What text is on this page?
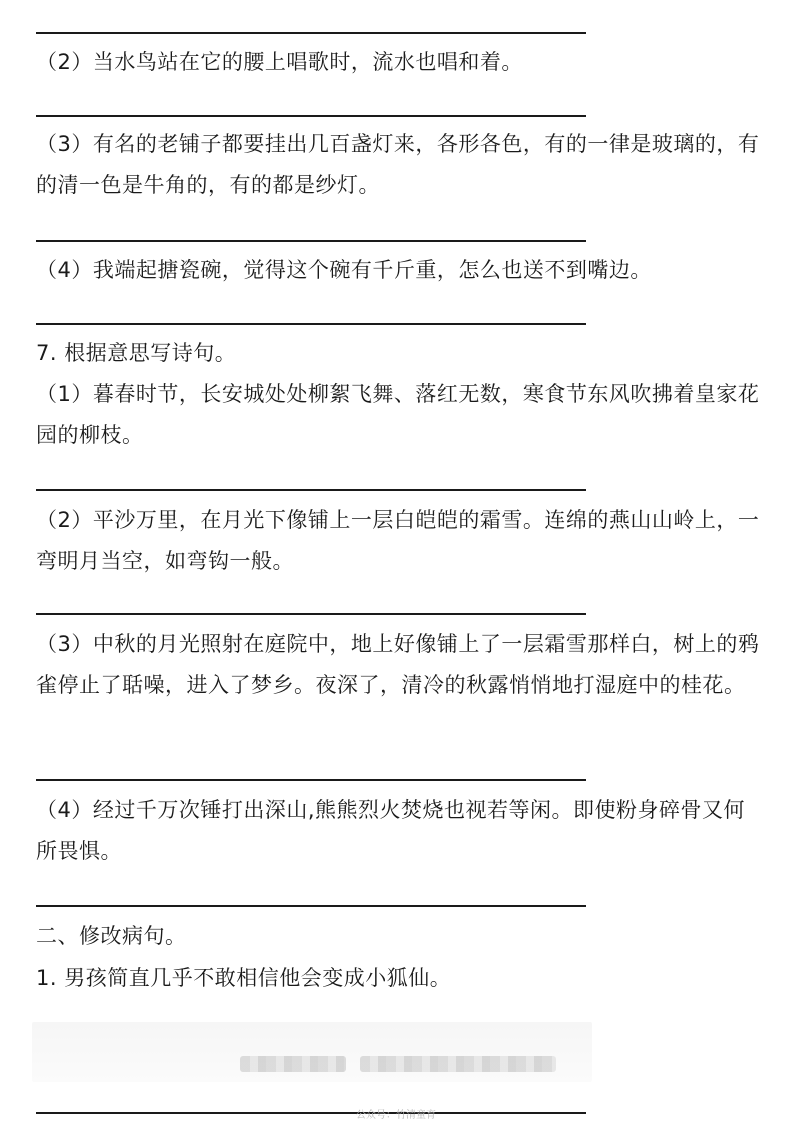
（2）当水鸟站在它的腰上唱歌时，流水也唱和着。
（3）有名的老铺子都要挂出几百盏灯来，各形各色，有的一律是玻璃的，有的清一色是牛角的，有的都是纱灯。
（4）我端起搪瓷碗，觉得这个碗有千斤重，怎么也送不到嘴边。
7. 根据意思写诗句。
（1）暮春时节，长安城处处柳絮飞舞、落红无数，寒食节东风吹拂着皇家花园的柳枝。
（2）平沙万里，在月光下像铺上一层白皑皑的霜雪。连绵的燕山山岭上，一弯明月当空，如弯钩一般。
（3）中秋的月光照射在庭院中，地上好像铺上了一层霜雪那样白，树上的鸦雀停止了聒噪，进入了梦乡。夜深了，清冷的秋露悄悄地打湿庭中的桂花。
（4）经过千万次锤打出深山,熊熊烈火焚烧也视若等闲。即使粉身碎骨又何所畏惧。
二、修改病句。
1. 男孩简直几乎不敢相信他会变成小狐仙。
公众号：竹清童育
